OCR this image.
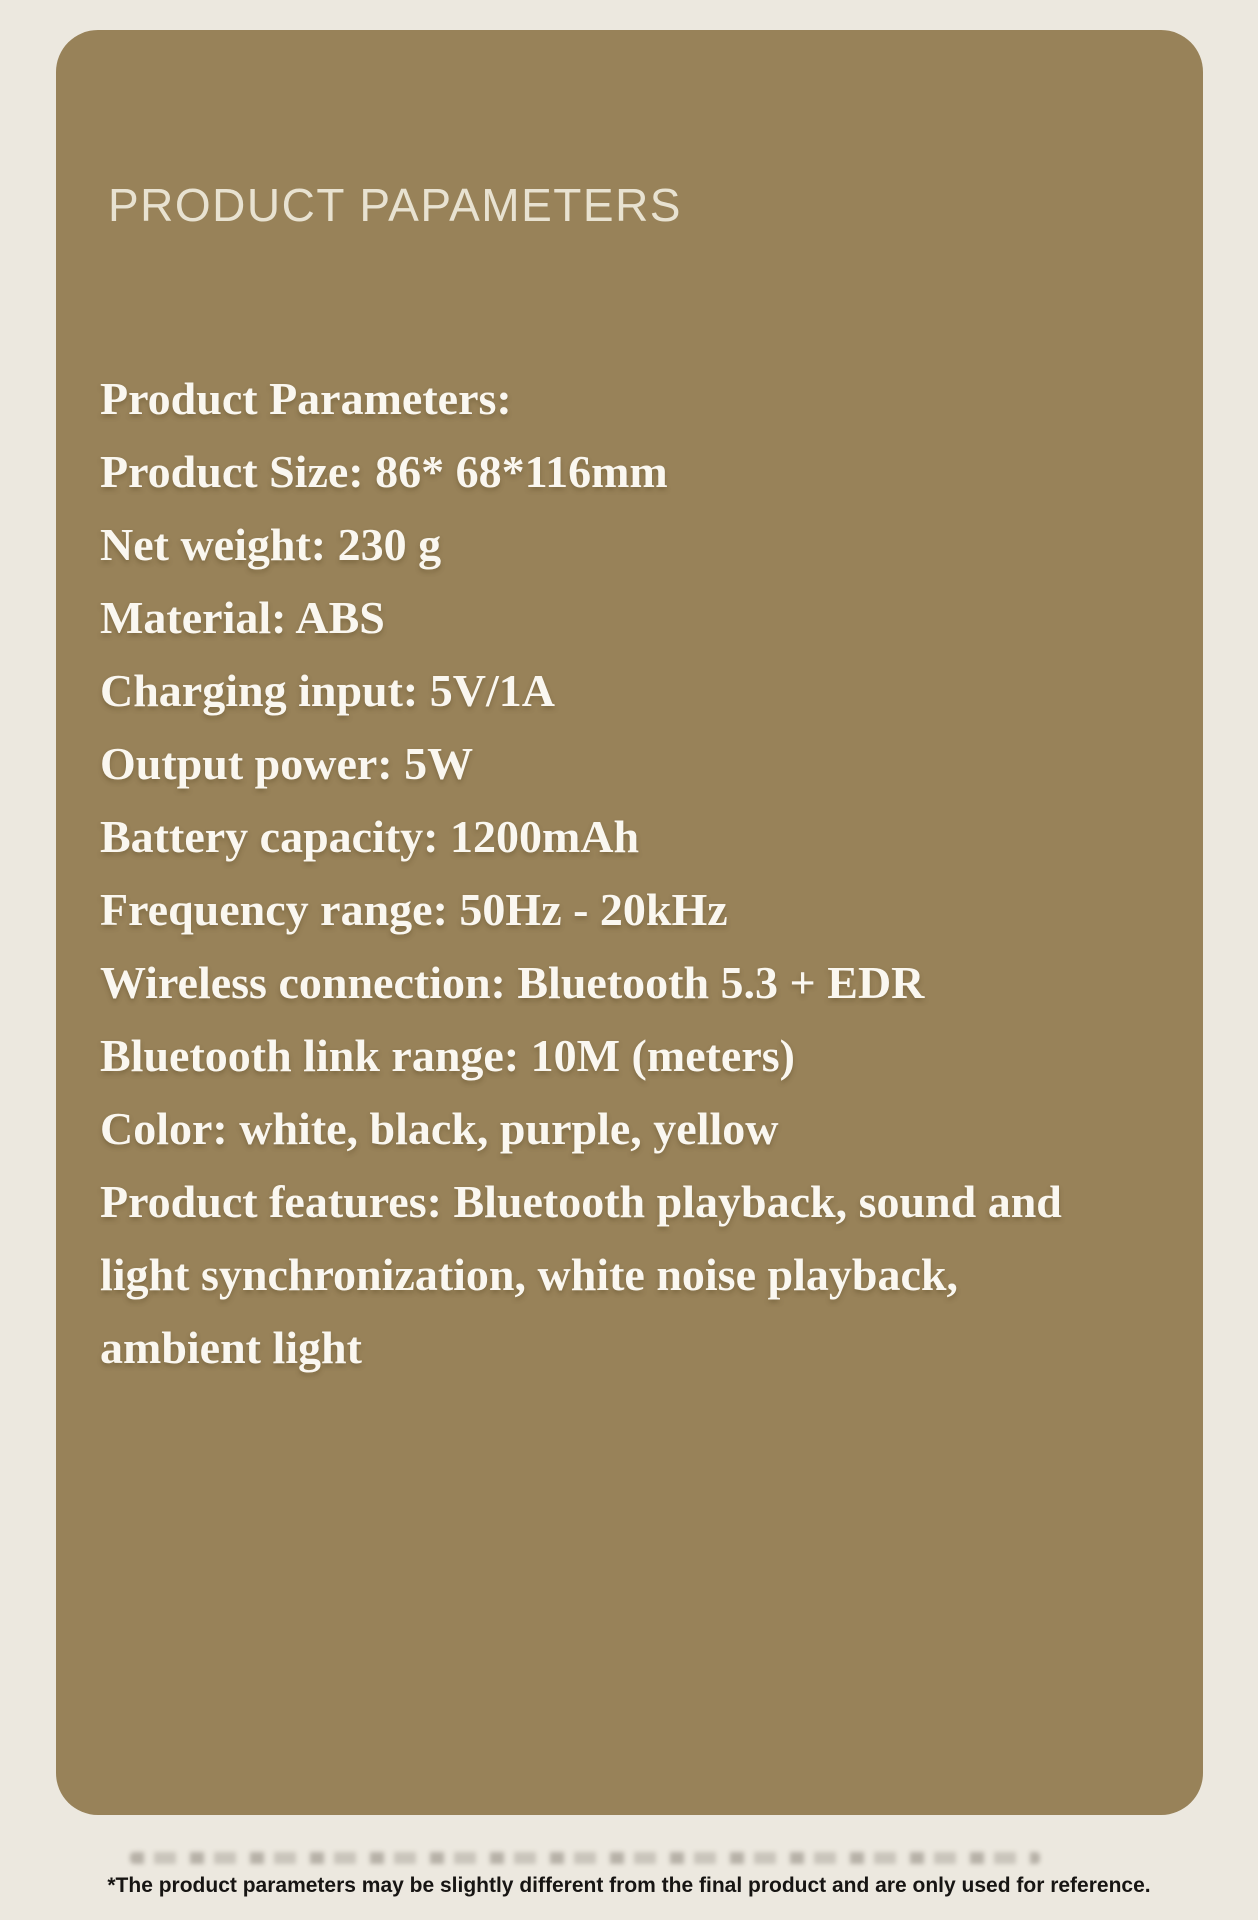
PRODUCT PAPAMETERS
Product Parameters:
Product Size: 86* 68*116mm
Net weight: 230 g
Material: ABS
Charging input: 5V/1A
Output power: 5W
Battery capacity: 1200mAh
Frequency range: 50Hz - 20kHz
Wireless connection: Bluetooth 5.3 + EDR
Bluetooth link range: 10M (meters)
Color: white, black, purple, yellow
Product features: Bluetooth playback, sound and
light synchronization, white noise playback,
ambient light
*The product parameters may be slightly different from the final product and are only used for reference.
